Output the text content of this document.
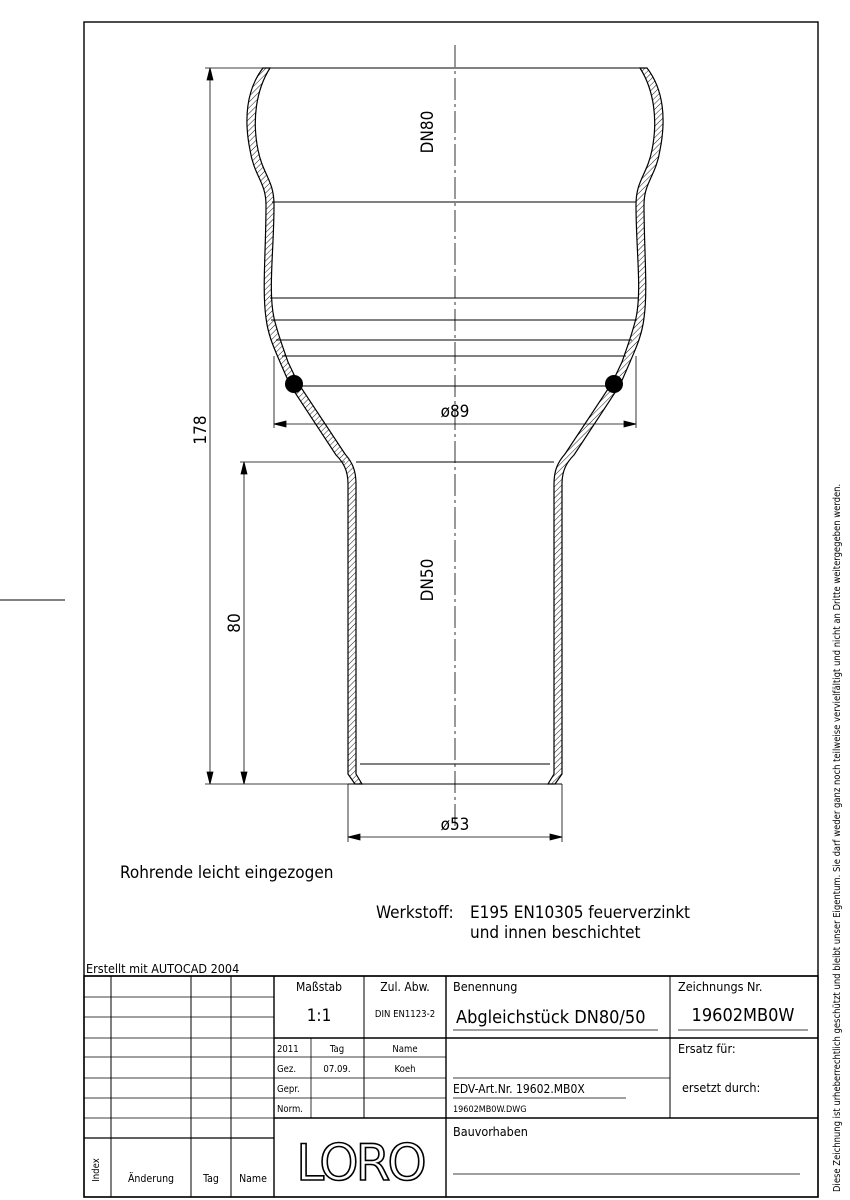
178
80
ø89
ø53
DN80
DN50
Rohrende leicht eingezogen
Werkstoff: E195 EN10305 feuerverzinkt
und innen beschichtet	Diese Zeichnung ist urheberrechtlich geschützt und bleibt unser Eigentum. Sie darf weder ganz noch teilweise vervielfältigt und nicht an Dritte weitergegeben werden.
Erstellt mit AUTOCAD 2004
Maßstab
1:1
Zul. Abw.
DIN EN1123-2
Benennung
Abgleichstück DN80/50
Zeichnungs Nr.
19602MB0W
2011	Tag	Name
Gez.	07.09.	Koeh
Gepr.
Norm.
Ersatz für:
ersetzt durch:
EDV-Art.Nr. 19602.MB0X
19602MB0W.DWG
Bauvorhaben
LORO
Index Änderung	Tag Name
